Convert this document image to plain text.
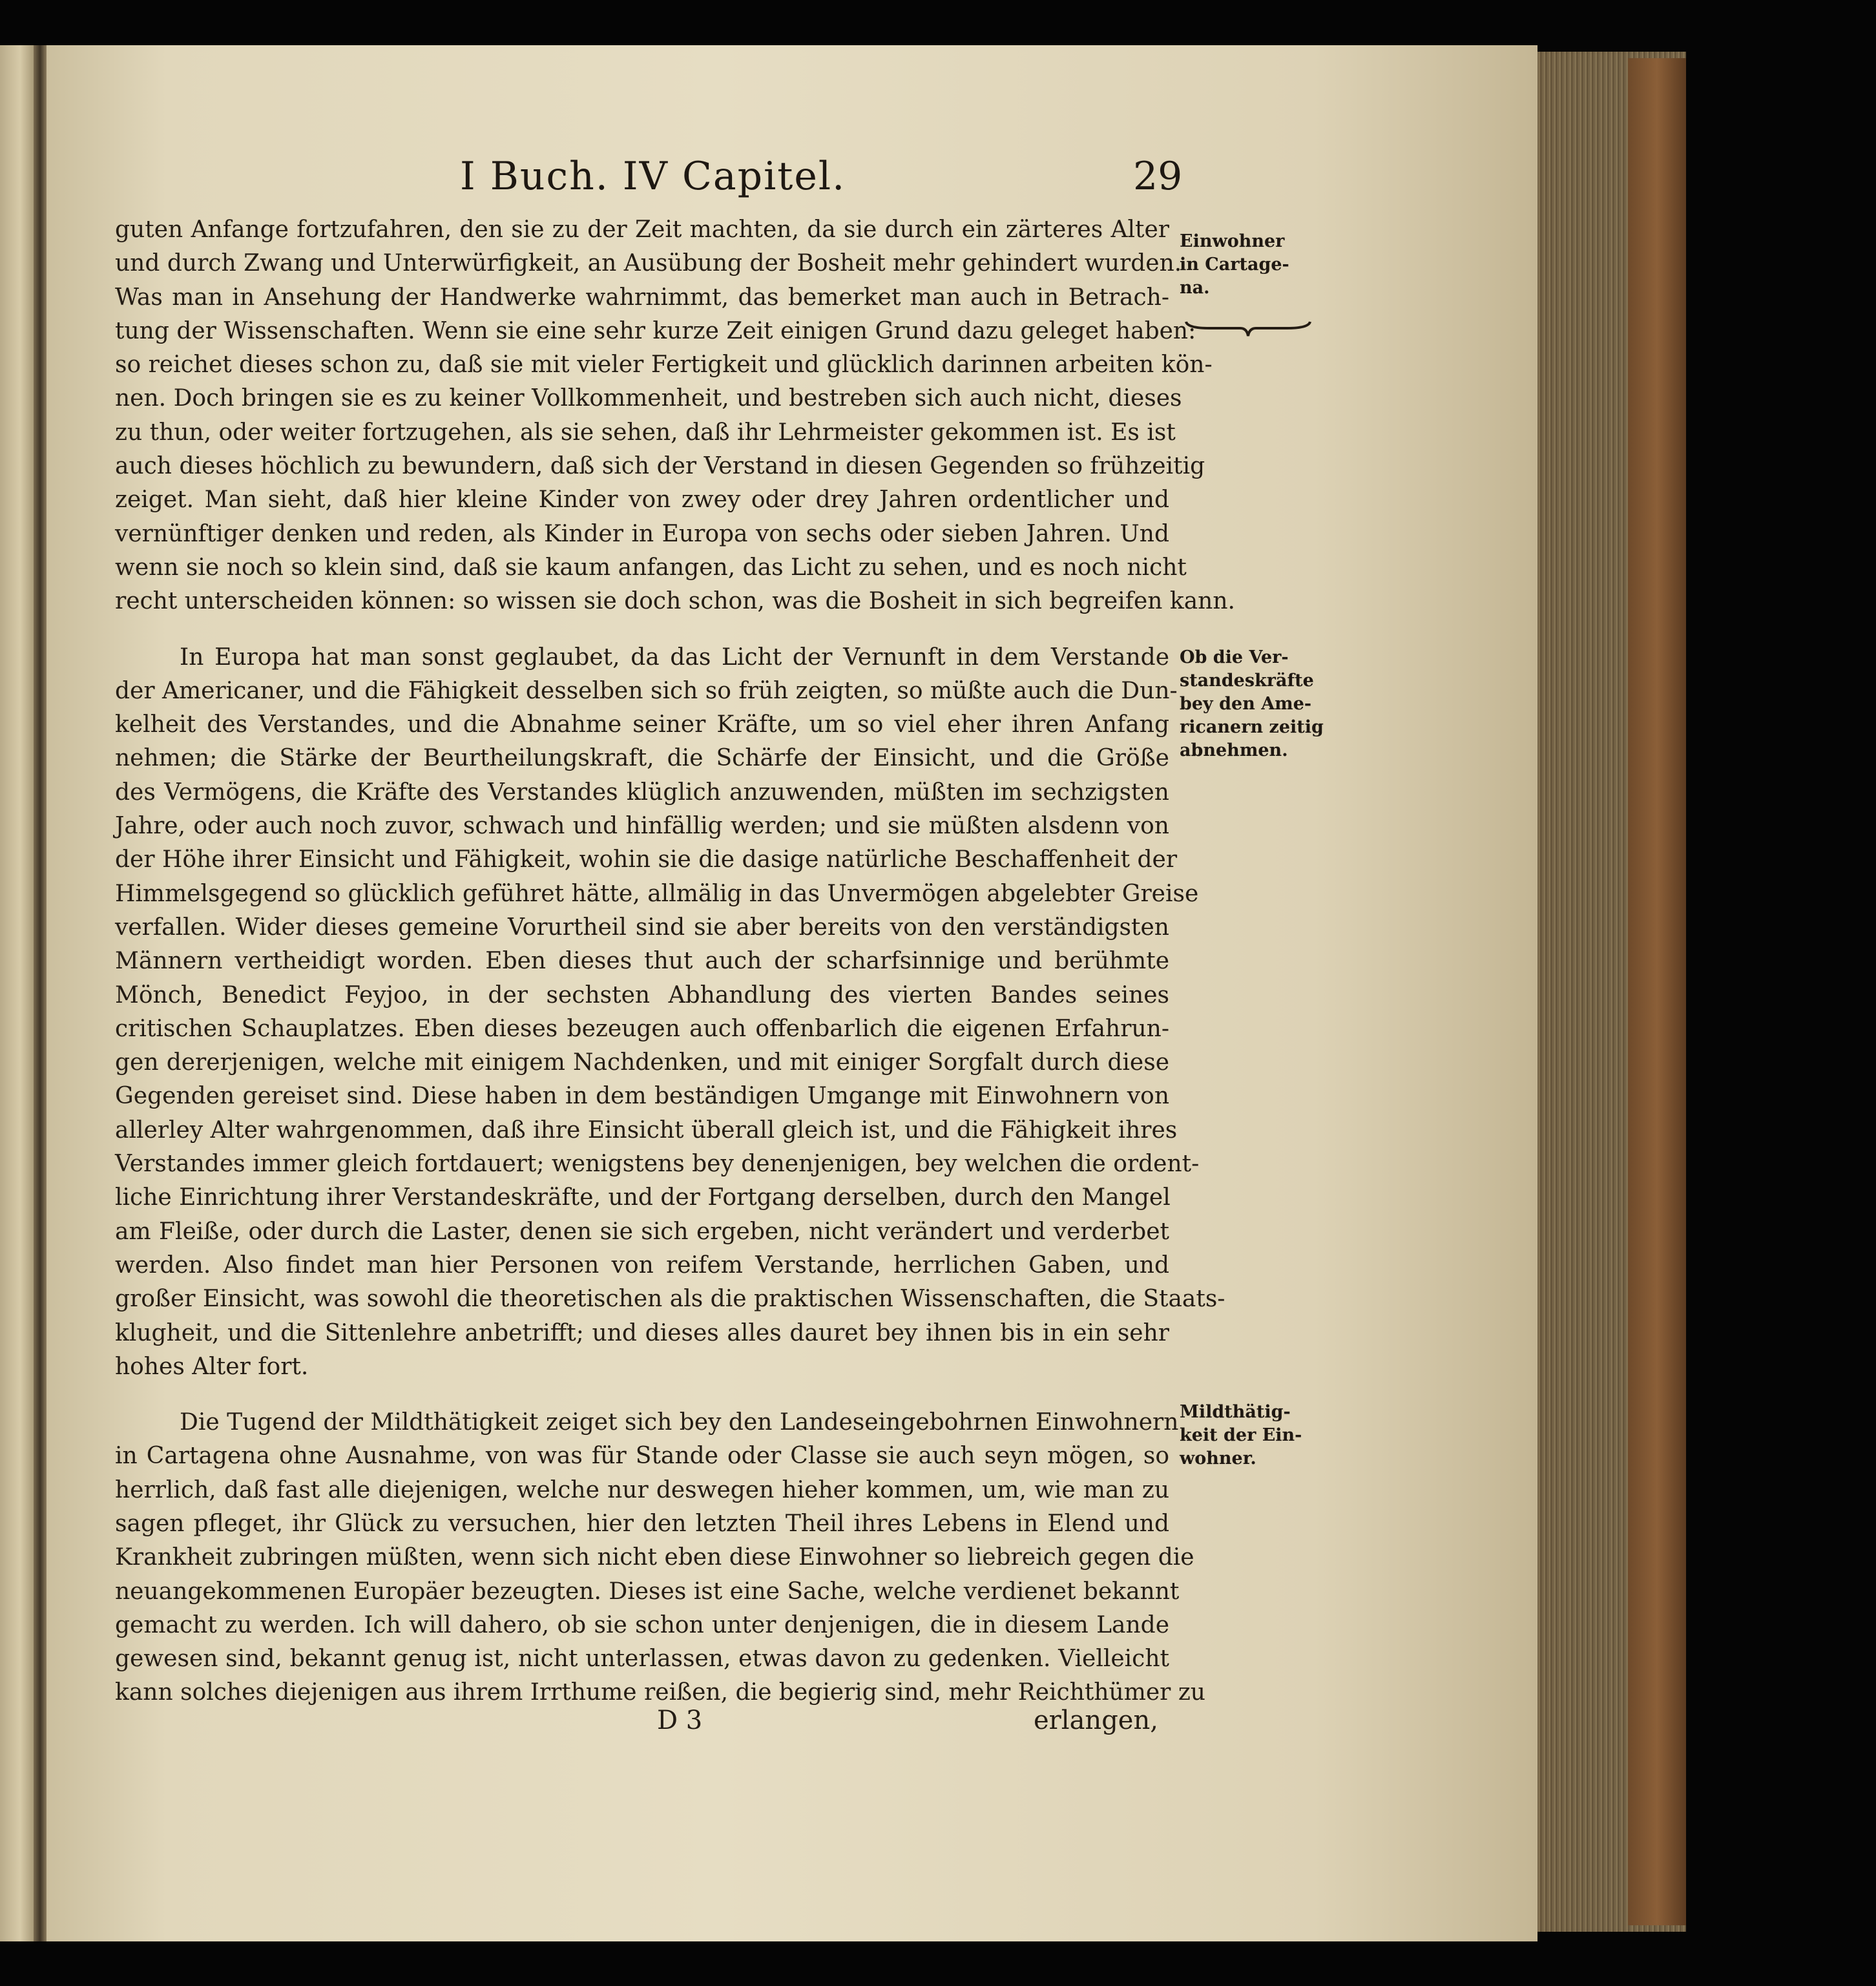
I Buch. IV Capitel.	29
guten Anfange fortzufahren, den sie zu der Zeit machten, da sie durch ein zärteres Alter
und durch Zwang und Unterwürfigkeit, an Ausübung der Bosheit mehr gehindert wurden.
Was man in Ansehung der Handwerke wahrnimmt, das bemerket man auch in Betrach-
tung der Wissenschaften. Wenn sie eine sehr kurze Zeit einigen Grund dazu geleget haben:
so reichet dieses schon zu, daß sie mit vieler Fertigkeit und glücklich darinnen arbeiten kön-
nen. Doch bringen sie es zu keiner Vollkommenheit, und bestreben sich auch nicht, dieses
zu thun, oder weiter fortzugehen, als sie sehen, daß ihr Lehrmeister gekommen ist. Es ist
auch dieses höchlich zu bewundern, daß sich der Verstand in diesen Gegenden so frühzeitig
zeiget. Man sieht, daß hier kleine Kinder von zwey oder drey Jahren ordentlicher und
vernünftiger denken und reden, als Kinder in Europa von sechs oder sieben Jahren. Und
wenn sie noch so klein sind, daß sie kaum anfangen, das Licht zu sehen, und es noch nicht
recht unterscheiden können: so wissen sie doch schon, was die Bosheit in sich begreifen kann.
In Europa hat man sonst geglaubet, da das Licht der Vernunft in dem Verstande
der Americaner, und die Fähigkeit desselben sich so früh zeigten, so müßte auch die Dun-
kelheit des Verstandes, und die Abnahme seiner Kräfte, um so viel eher ihren Anfang
nehmen; die Stärke der Beurtheilungskraft, die Schärfe der Einsicht, und die Größe
des Vermögens, die Kräfte des Verstandes klüglich anzuwenden, müßten im sechzigsten
Jahre, oder auch noch zuvor, schwach und hinfällig werden; und sie müßten alsdenn von
der Höhe ihrer Einsicht und Fähigkeit, wohin sie die dasige natürliche Beschaffenheit der
Himmelsgegend so glücklich geführet hätte, allmälig in das Unvermögen abgelebter Greise
verfallen. Wider dieses gemeine Vorurtheil sind sie aber bereits von den verständigsten
Männern vertheidigt worden. Eben dieses thut auch der scharfsinnige und berühmte
Mönch, Benedict Feyjoo, in der sechsten Abhandlung des vierten Bandes seines
critischen Schauplatzes. Eben dieses bezeugen auch offenbarlich die eigenen Erfahrun-
gen dererjenigen, welche mit einigem Nachdenken, und mit einiger Sorgfalt durch diese
Gegenden gereiset sind. Diese haben in dem beständigen Umgange mit Einwohnern von
allerley Alter wahrgenommen, daß ihre Einsicht überall gleich ist, und die Fähigkeit ihres
Verstandes immer gleich fortdauert; wenigstens bey denenjenigen, bey welchen die ordent-
liche Einrichtung ihrer Verstandeskräfte, und der Fortgang derselben, durch den Mangel
am Fleiße, oder durch die Laster, denen sie sich ergeben, nicht verändert und verderbet
werden. Also findet man hier Personen von reifem Verstande, herrlichen Gaben, und
großer Einsicht, was sowohl die theoretischen als die praktischen Wissenschaften, die Staats-
klugheit, und die Sittenlehre anbetrifft; und dieses alles dauret bey ihnen bis in ein sehr
hohes Alter fort.
Die Tugend der Mildthätigkeit zeiget sich bey den Landeseingebohrnen Einwohnern
in Cartagena ohne Ausnahme, von was für Stande oder Classe sie auch seyn mögen, so
herrlich, daß fast alle diejenigen, welche nur deswegen hieher kommen, um, wie man zu
sagen pfleget, ihr Glück zu versuchen, hier den letzten Theil ihres Lebens in Elend und
Krankheit zubringen müßten, wenn sich nicht eben diese Einwohner so liebreich gegen die
neuangekommenen Europäer bezeugten. Dieses ist eine Sache, welche verdienet bekannt
gemacht zu werden. Ich will dahero, ob sie schon unter denjenigen, die in diesem Lande
gewesen sind, bekannt genug ist, nicht unterlassen, etwas davon zu gedenken. Vielleicht
kann solches diejenigen aus ihrem Irrthume reißen, die begierig sind, mehr Reichthümer zu
Einwohner
in Cartage-
na.
Ob die Ver-
standeskräfte
bey den Ame-
ricanern zeitig
abnehmen.
Mildthätig-
keit der Ein-
wohner.
D 3	erlangen,
